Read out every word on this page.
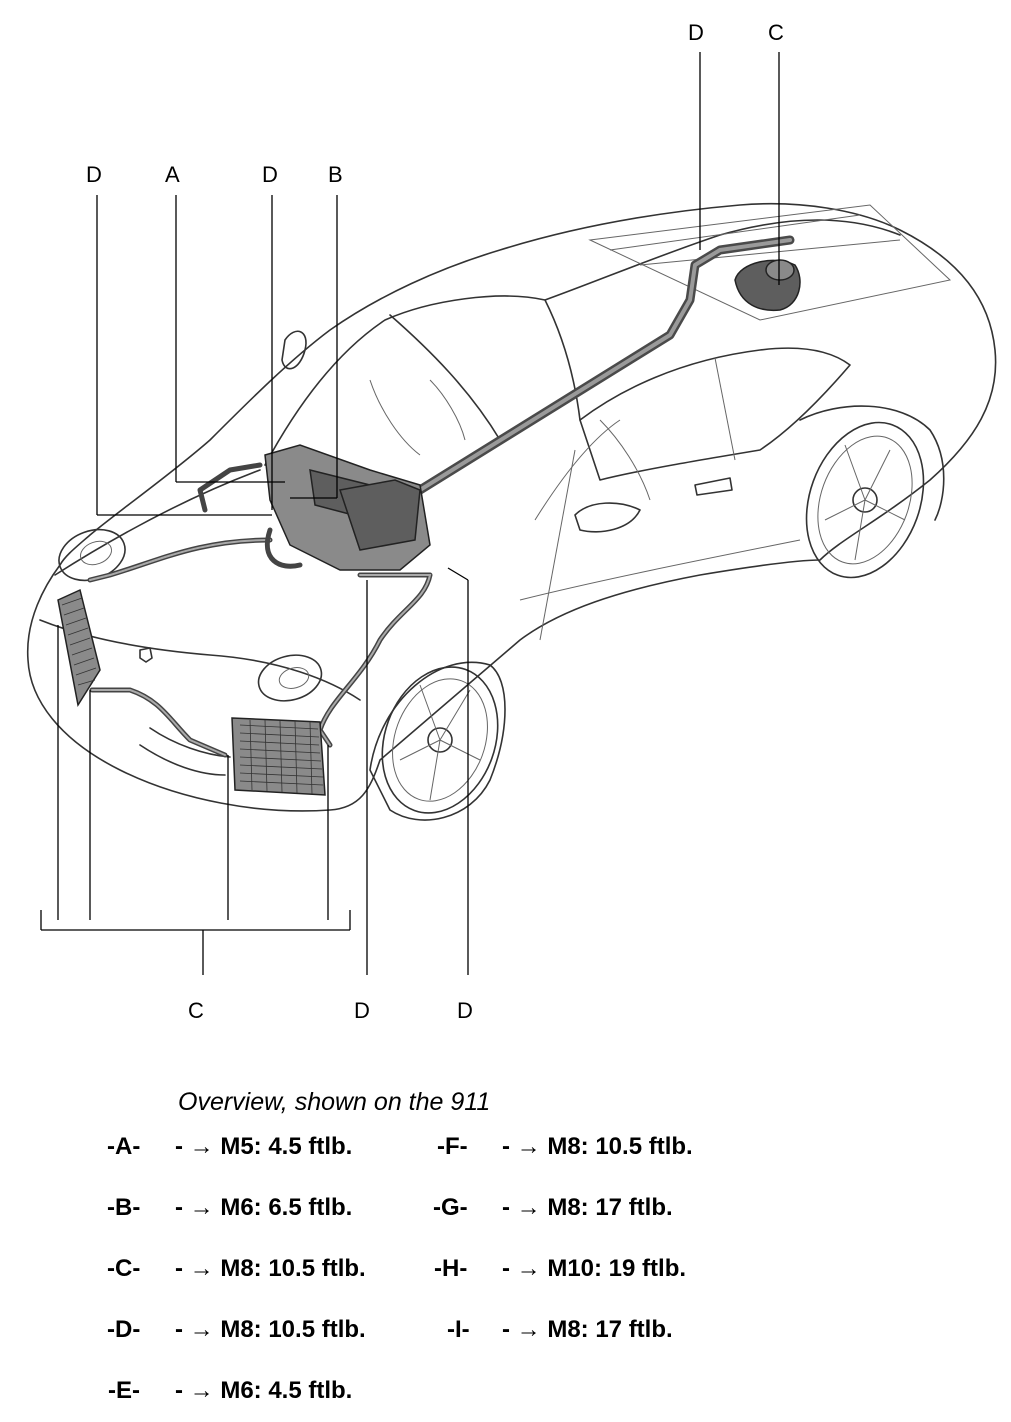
D	A	D B
D	C
C	D	D
Overview, shown on the 911
-A- - → M5: 4.5 ftlb.
-B- - → M6: 6.5 ftlb.
-C- - → M8: 10.5 ftlb.
-D- - → M8: 10.5 ftlb.
-E- - → M6: 4.5 ftlb.
-F- - → M8: 10.5 ftlb.
-G- - → M8: 17 ftlb.
-H- - → M10: 19 ftlb.
-I- - → M8: 17 ftlb.
